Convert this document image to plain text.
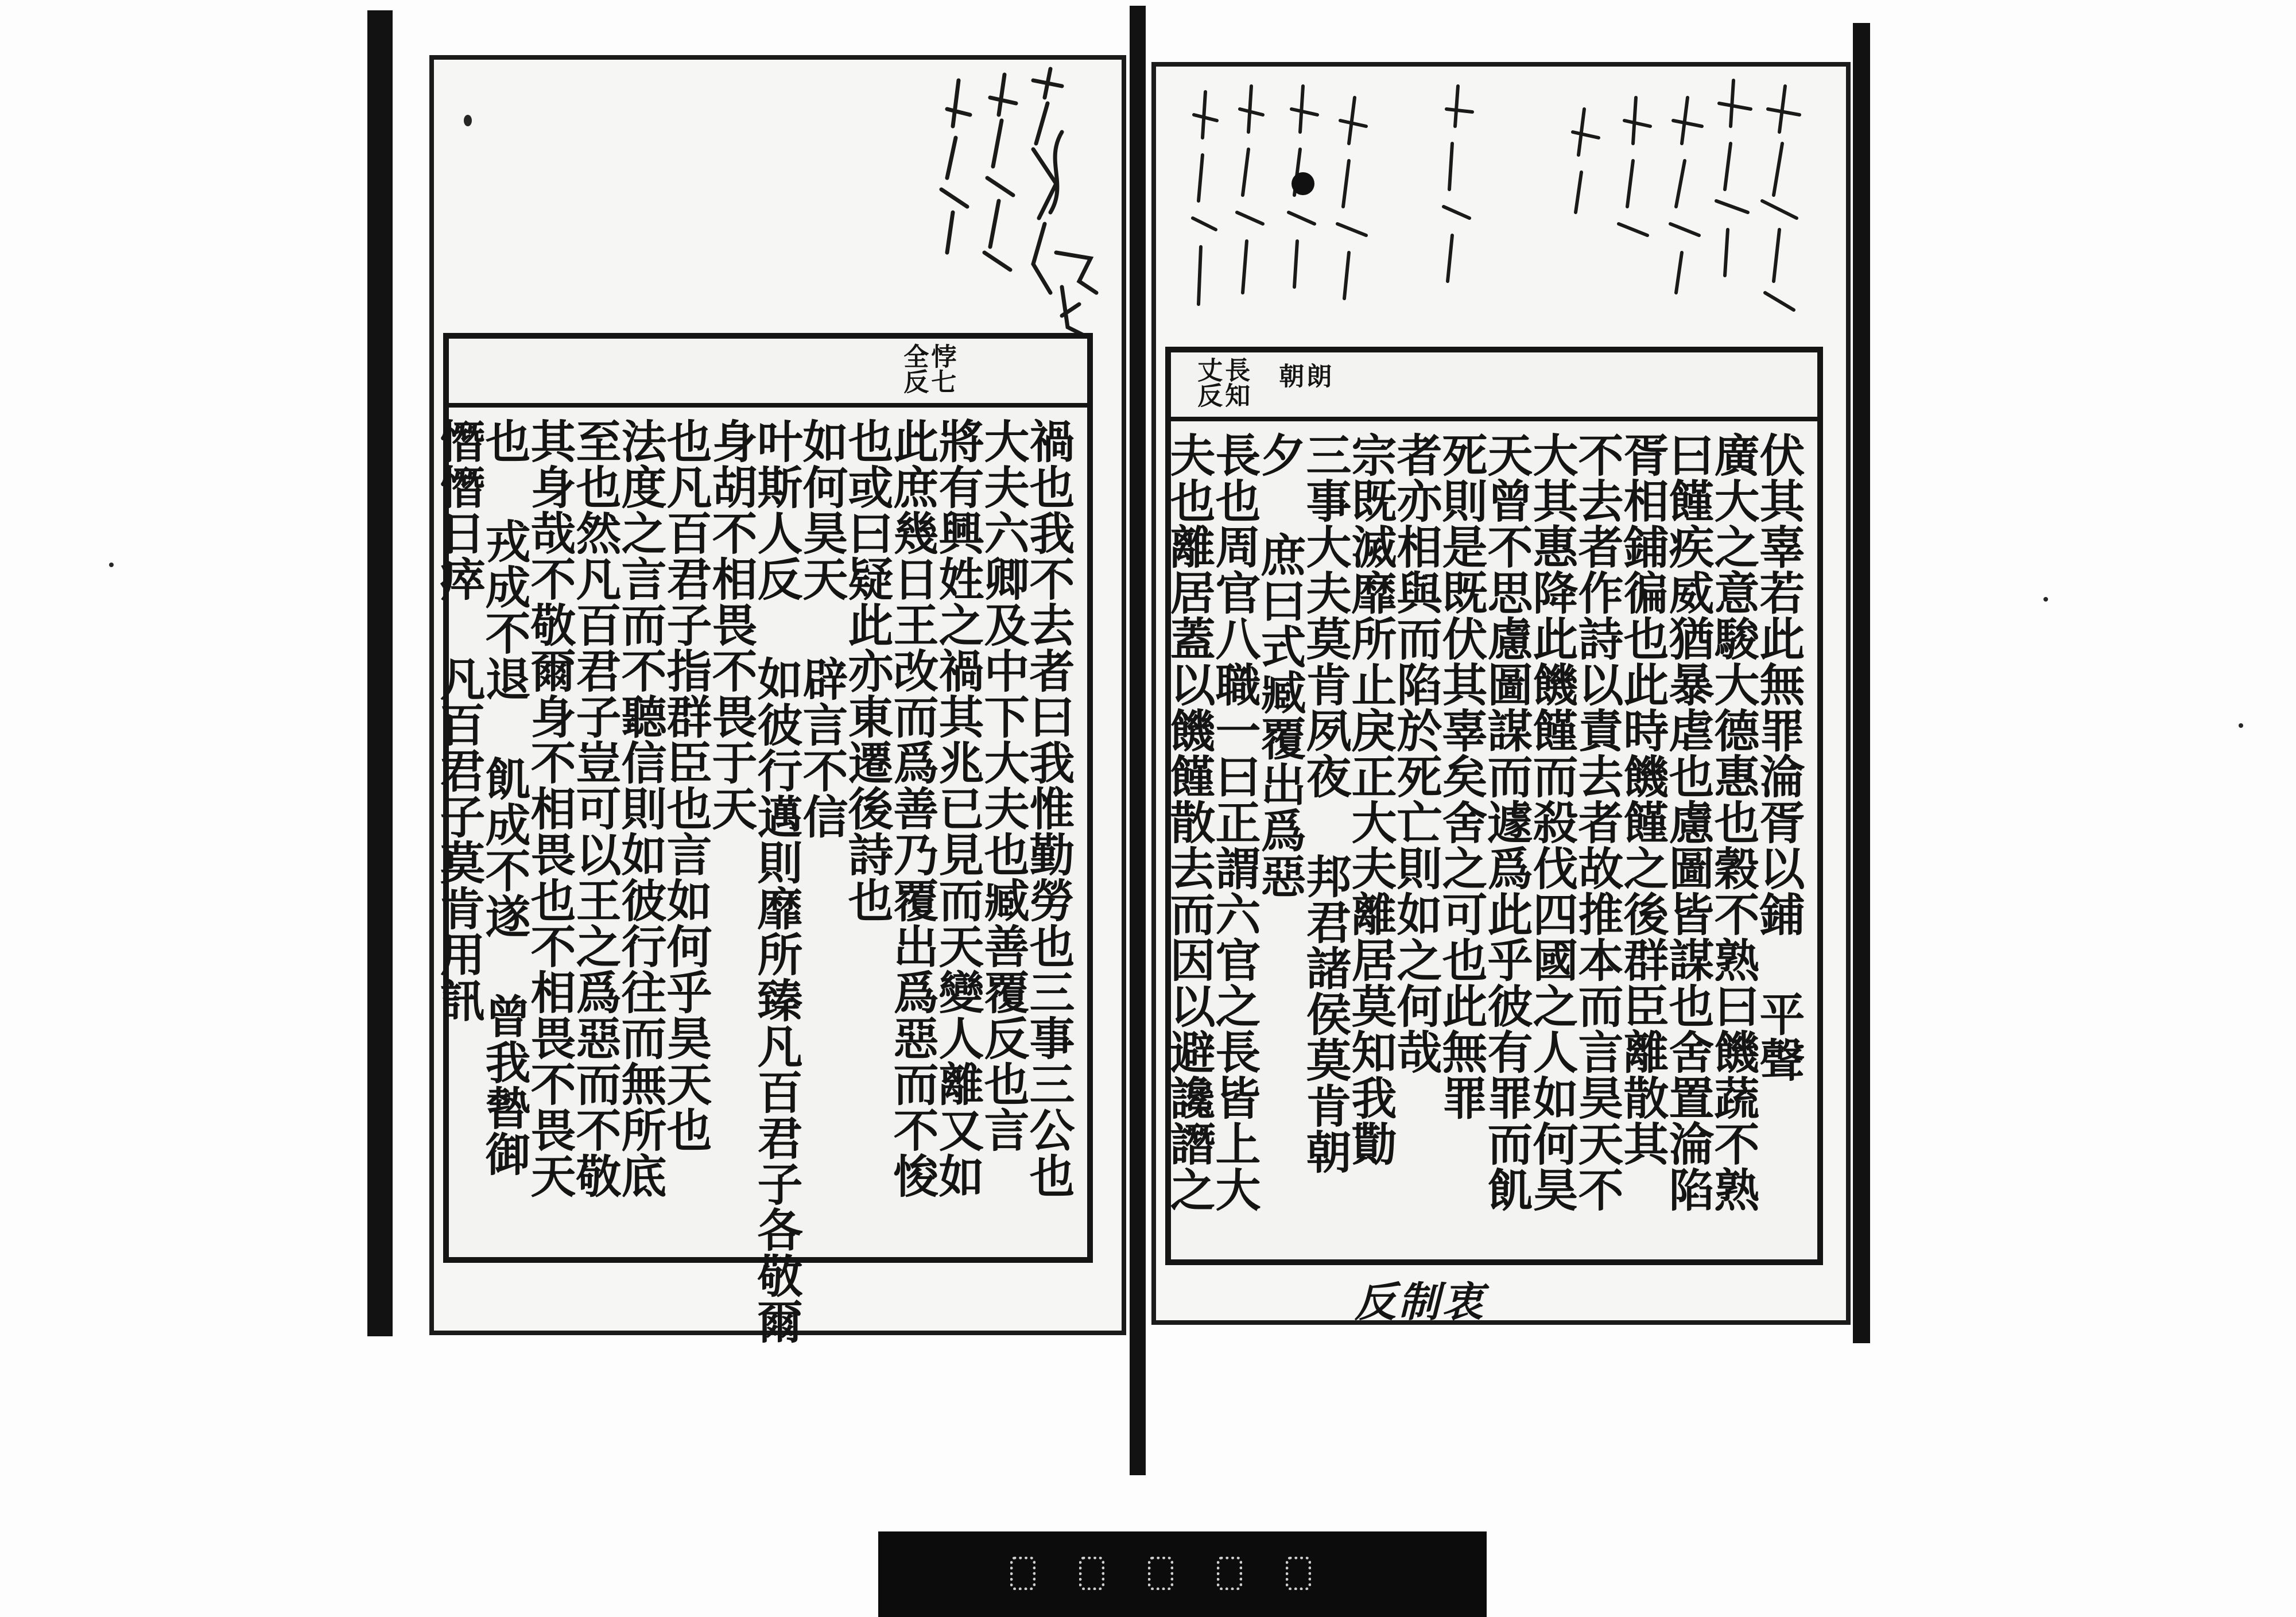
禍也我不去者曰我惟勤勞也三事三公也
大夫六卿及中下大夫也臧善覆反也言
將有興姓之禍其兆已見而天變人離又如
此庶幾日王改而爲善乃覆出爲惡而不悛
也或曰疑此亦東遷後詩也
如何昊天 辟言不信
叶斯人反 如彼行邁則靡所臻凡百君子各敬爾
身胡不相畏不畏于天
也凡百君子指群臣也言如何乎昊天也
法度之言而不聽信則如彼行往而無所底
至也然凡百君子豈可以王之爲惡而不敬
其身哉不敬爾身不相畏也不相畏不畏天
也 戎成不退 飢成不遂 曾我暬御
憯憯日瘁 凡百君子莫肯用訊
悖七
全反
伏其辜若此無罪淪胥以鋪 平聲
廣大之意駿大德惠也穀不熟曰饑蔬不熟
曰饉疾威猶暴虐也慮圖皆謀也舍置淪陷
胥相鋪徧也此時饑饉之後群臣離散其
不去者作詩以責去者故推本而言昊天不
大其惠降此饑饉而殺伐四國之人如何昊
天曾不思慮圖謀而遽爲此乎彼有罪而飢
死則是既伏其辜矣舍之可也此無罪
者亦相與而陷於死亡則如之何哉
宗既滅靡所止戾正大夫離居莫知我勩
三事大夫莫肯夙夜 邦君諸侯莫肯朝
夕 庶曰式臧覆出爲惡
長也周官八職一曰正謂六官之長皆上大
夫也離居蓋以饑饉散去而因以避讒譖之
丈反
長知 朝
朗
反制衷
